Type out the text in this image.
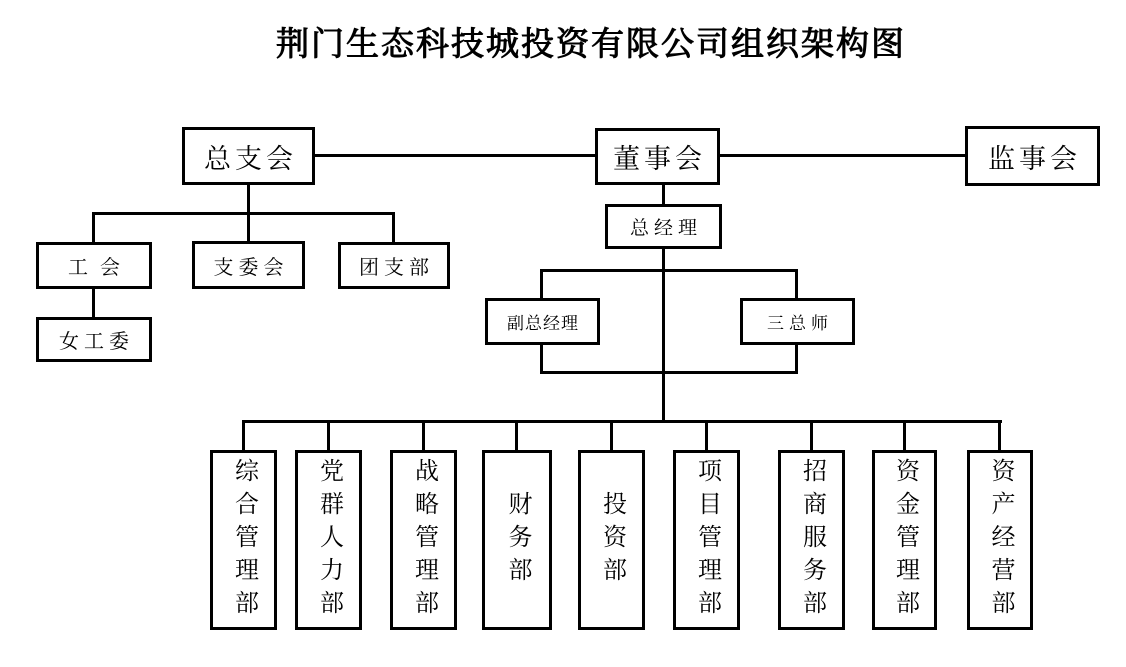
荆门生态科技城投资有限公司组织架构图
总支会	董事会	监事会
工会	支委会	团支部
女工委
总经理
副总经理	三总师
综合管理部 党群人力部	战略管理部	财务部	投资部	项目管理部	招商服务部	资金管理部	资产经营部
